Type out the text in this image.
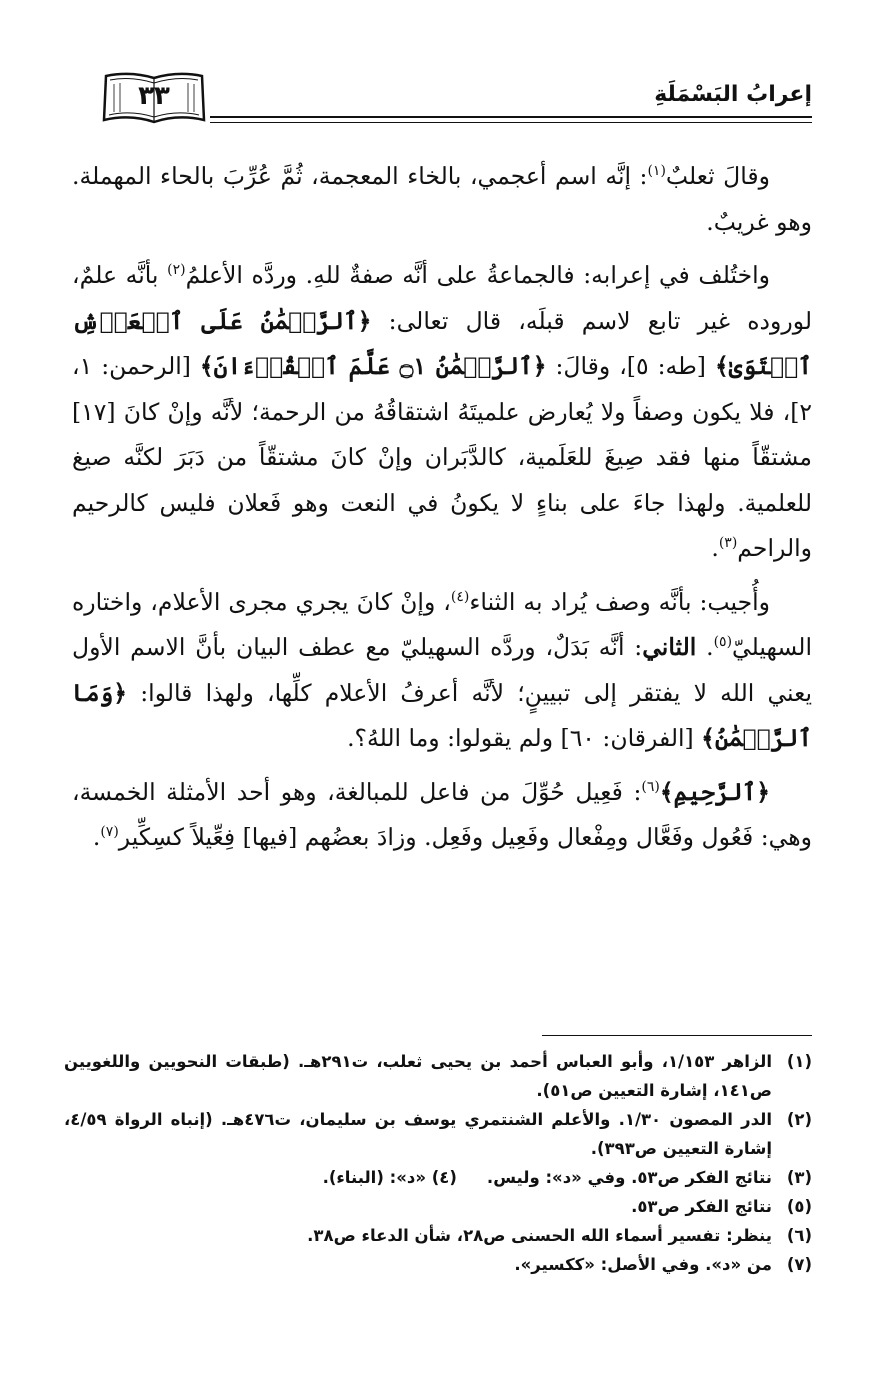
٣٣	إعرابُ البَسْمَلَةِ

وقالَ ثعلبٌ$^{(١)}$: إنَّه اسم أعجمي، بالخاء المعجمة، ثُمَّ عُرِّبَ بالحاء المهملة. وهو غريبٌ.

واختُلف في إعرابه: فالجماعةُ على أنَّه صفةٌ للهِ. وردَّه الأعلمُ$^{(٢)}$ بأنَّه علمٌ، لوروده غير تابع لاسم قبلَه، قال تعالى: ﴿ٱلرَّحۡمَٰنُ عَلَى ٱلۡعَرۡشِ ٱسۡتَوَىٰ﴾ [طه: ٥]، وقالَ: ﴿ٱلرَّحۡمَٰنُ ۝١ عَلَّمَ ٱلۡقُرۡءَانَ﴾ [الرحمن: ١، ٢]، فلا يكون وصفاً ولا يُعارض علميتَهُ اشتقاقُهُ من الرحمة؛ لأنَّه وإنْ كانَ [١٧] مشتقّاً منها فقد صِيغَ للعَلَمية، كالدَّبَران وإنْ كانَ مشتقّاً من دَبَرَ لكنَّه صيغ للعلمية. ولهذا جاءَ على بناءٍ لا يكونُ في النعت وهو فَعلان فليس كالرحيم والراحم$^{(٣)}$.

وأُجيب: بأنَّه وصف يُراد به الثناء$^{(٤)}$، وإنْ كانَ يجري مجرى الأعلام، واختاره السهيليّ$^{(٥)}$. الثاني: أنَّه بَدَلٌ، وردَّه السهيليّ مع عطف البيان بأنَّ الاسم الأول يعني الله لا يفتقر إلى تبيينٍ؛ لأنَّه أعرفُ الأعلام كلِّها، ولهذا قالوا: ﴿وَمَا ٱلرَّحۡمَٰنُ﴾ [الفرقان: ٦٠] ولم يقولوا: وما اللهُ؟.

﴿ٱلرَّحِيمِ﴾$^{(٦)}$: فَعِيل حُوِّلَ من فاعل للمبالغة، وهو أحد الأمثلة الخمسة، وهي: فَعُول وفَعَّال ومِفْعال وفَعِيل وفَعِل. وزادَ بعضُهم [فيها] فِعِّيلاً كسِكِّير$^{(٧)}$.

(١)
الزاهر ١/١٥٣، وأبو العباس أحمد بن يحيى ثعلب، ت٢٩١هـ. (طبقات النحويين واللغويين ص١٤١، إشارة التعيين ص٥١).
(٢)
الدر المصون ١/٣٠. والأعلم الشنتمري يوسف بن سليمان، ت٤٧٦هـ. (إنباه الرواة ٤/٥٩، إشارة التعيين ص٣٩٣).
(٣)
نتائج الفكر ص٥٣. وفي «د»: وليس.(٤) «د»: (البناء).
(٥)
نتائج الفكر ص٥٣.
(٦)
ينظر: تفسير أسماء الله الحسنى ص٢٨، شأن الدعاء ص٣٨.
(٧)
من «د». وفي الأصل: «ككسير».
